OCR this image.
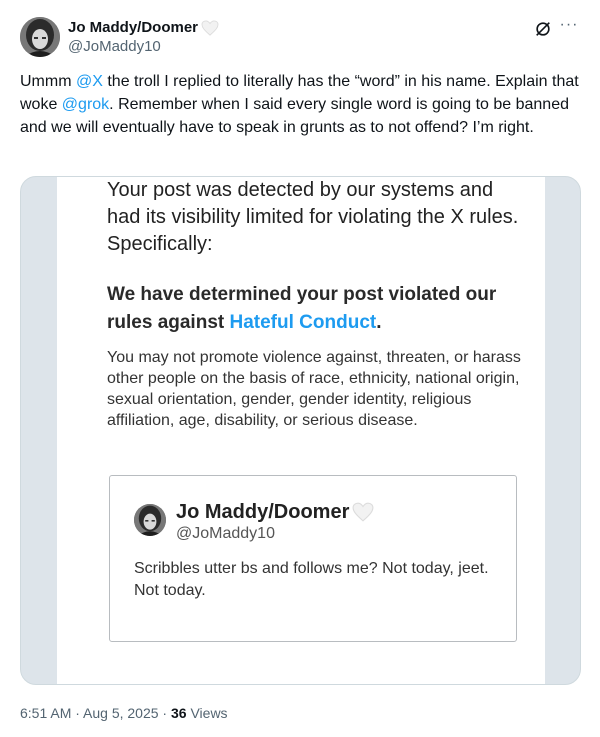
Jo Maddy/Doomer
@JoMaddy10
···
Ummm @X the troll I replied to literally has the “word” in his name. Explain that woke @grok. Remember when I said every single word is going to be banned and we will eventually have to speak in grunts as to not offend? I’m right.
Your post was detected by our systems and had its visibility limited for violating the X rules. Specifically:
We have determined your post violated our rules against Hateful Conduct.
You may not promote violence against, threaten, or harass other people on the basis of race, ethnicity, national origin, sexual orientation, gender, gender identity, religious affiliation, age, disability, or serious disease.
Jo Maddy/Doomer
@JoMaddy10
Scribbles utter bs and follows me? Not today, jeet. Not today.
6:51 AM · Aug 5, 2025 · 36 Views
